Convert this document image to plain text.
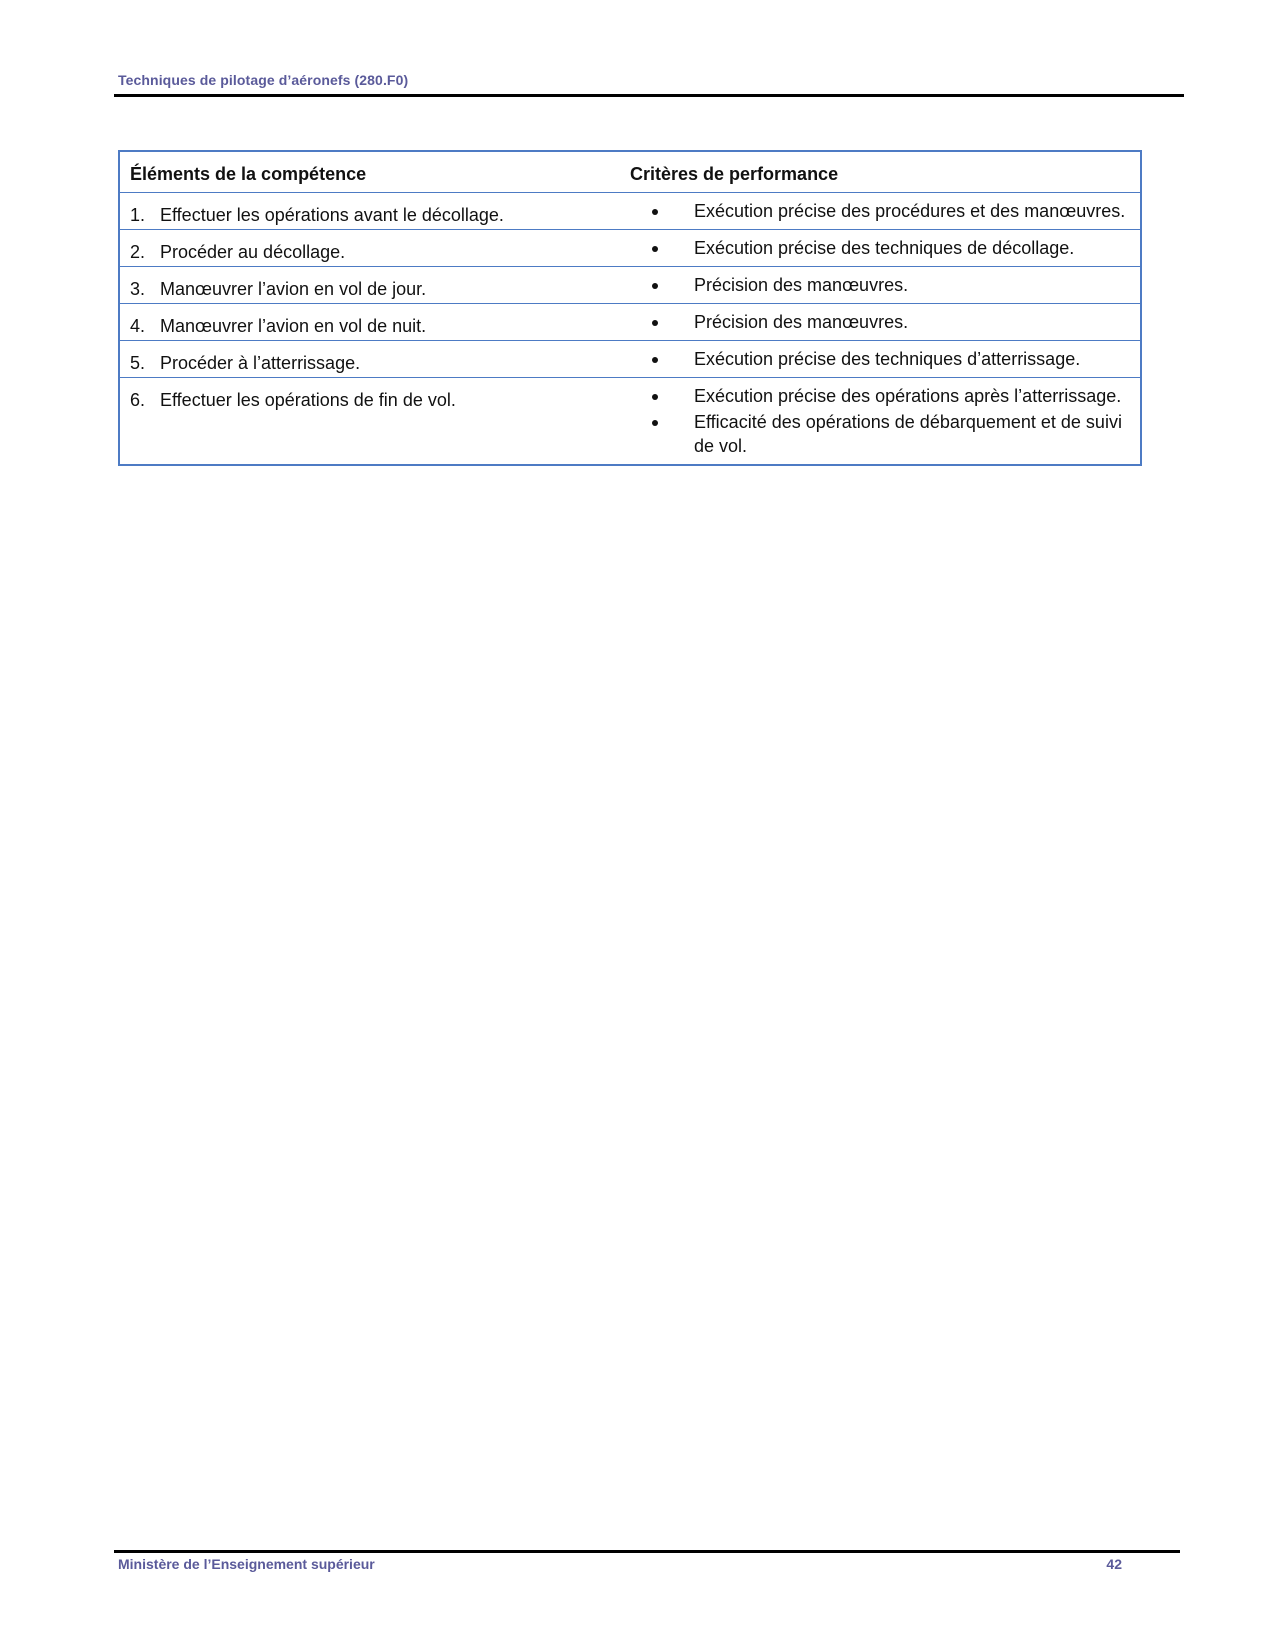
Techniques de pilotage d’aéronefs (280.F0)
Éléments de la compétence	Critères de performance
1. Effectuer les opérations avant le décollage.	Exécution précise des procédures et des manœuvres.
2. Procéder au décollage.	Exécution précise des techniques de décollage.
3. Manœuvrer l’avion en vol de jour.	Précision des manœuvres.
4. Manœuvrer l’avion en vol de nuit.	Précision des manœuvres.
5. Procéder à l’atterrissage.	Exécution précise des techniques d’atterrissage.
6. Effectuer les opérations de fin de vol.	Exécution précise des opérations après l’atterrissage.
Efficacité des opérations de débarquement et de suivi de vol.
Ministère de l’Enseignement supérieur	42
